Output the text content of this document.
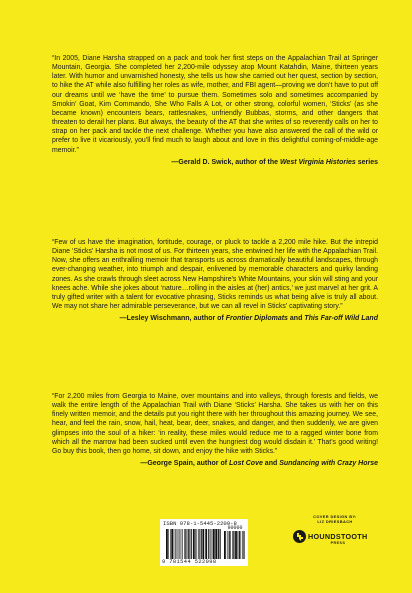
“In 2005, Diane Harsha strapped on a pack and took her first steps on the Appalachian Trail at Springer Mountain, Georgia. She completed her 2,200-mile odyssey atop Mount Katahdin, Maine, thirteen years later. With humor and unvarnished honesty, she tells us how she carried out her quest, section by section, to hike the AT while also fulfilling her roles as wife, mother, and FBI agent—proving we don’t have to put off our dreams until we ‘have the time’ to pursue them. Sometimes solo and sometimes accompanied by Smokin’ Goat, Kim Commando, She Who Falls A Lot, or other strong, colorful women, ‘Sticks’ (as she became known) encounters bears, rattlesnakes, unfriendly Bubbas, storms, and other dangers that threaten to derail her plans. But always, the beauty of the AT that she writes of so reverently calls on her to strap on her pack and tackle the next challenge. Whether you have also answered the call of the wild or prefer to live it vicariously, you’ll find much to laugh about and love in this delightful coming-of-middle-age memoir.”

—Gerald D. Swick, author of the West Virginia Histories series

“Few of us have the imagination, fortitude, courage, or pluck to tackle a 2,200 mile hike. But the intrepid Diane ‘Sticks’ Harsha is not most of us. For thirteen years, she entwined her life with the Appalachian Trail. Now, she offers an enthralling memoir that transports us across dramatically beautiful landscapes, through ever-changing weather, into triumph and despair, enlivened by memorable characters and quirky landing zones. As she crawls through sleet across New Hampshire’s White Mountains, your skin will sting and your knees ache. While she jokes about ‘nature…rolling in the aisles at (her) antics,’ we just marvel at her grit. A truly gifted writer with a talent for evocative phrasing, Sticks reminds us what being alive is truly all about. We may not share her admirable perseverance, but we can all revel in Sticks’ captivating story.”

—Lesley Wischmann, author of Frontier Diplomats and This Far-off Wild Land

“For 2,200 miles from Georgia to Maine, over mountains and into valleys, through forests and fields, we walk the entire length of the Appalachian Trail with Diane ‘Sticks’ Harsha. She takes us with her on this finely written memoir, and the details put you right there with her throughout this amazing journey. We see, hear, and feel the rain, snow, hail, heat, bear, deer, snakes, and danger, and then suddenly, we are given glimpses into the soul of a hiker: ‘in reality, these miles would reduce me to a ragged winter bone from which all the marrow had been sucked until even the hungriest dog would disdain it.’ That’s good writing! Go buy this book, then go home, sit down, and enjoy the hike with Sticks.”

—George Spain, author of Lost Cove and Sundancing with Crazy Horse

ISBN 978-1-5445-2209-8
90000
9 781544 522098
COVER DESIGN BY:
LIZ DRIESBACH
HOUNDSTOOTH
PRESS
